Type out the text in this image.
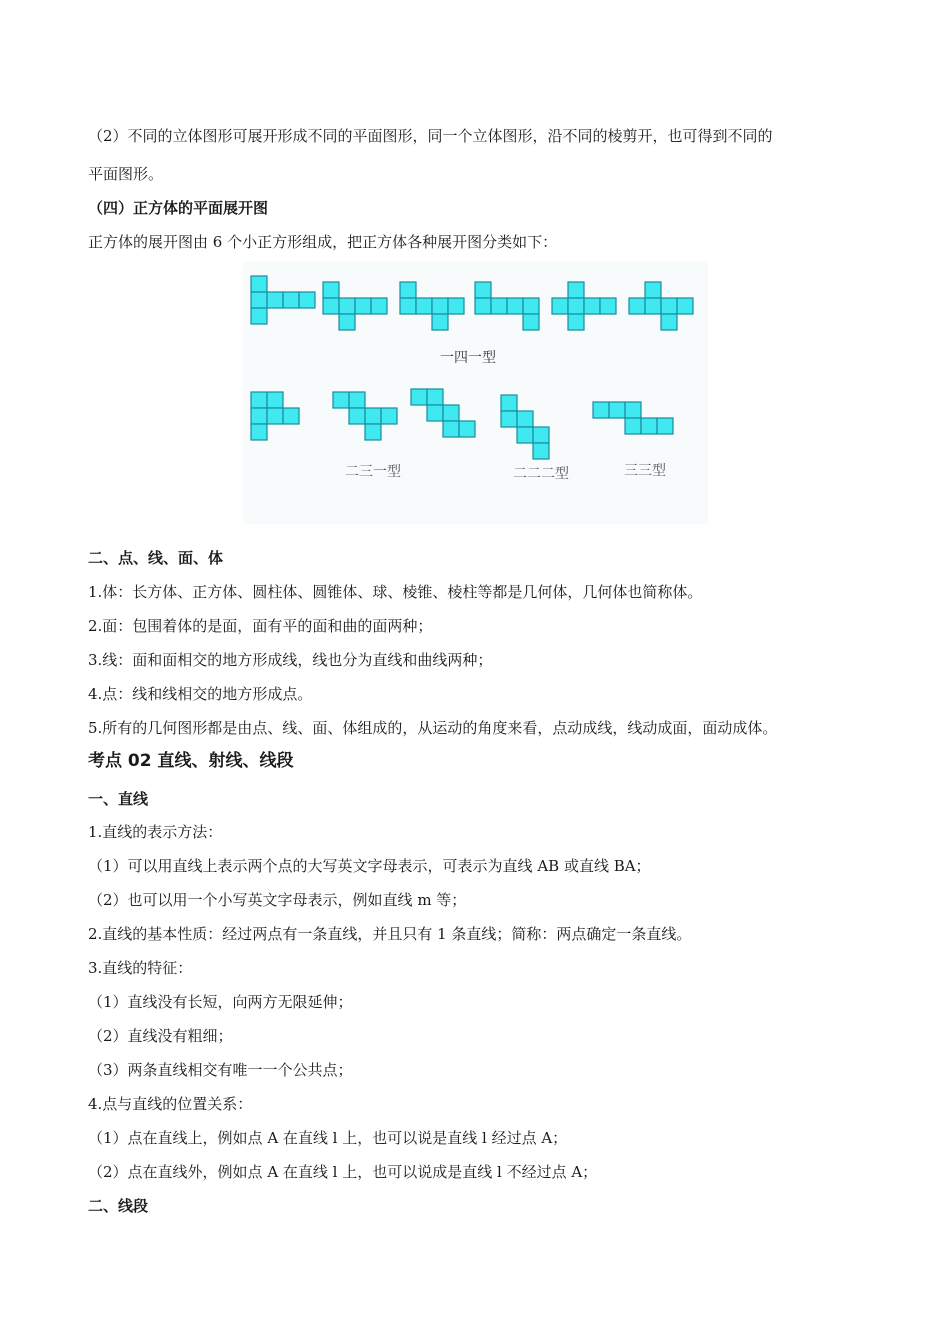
（2）不同的立体图形可展开形成不同的平面图形，同一个立体图形，沿不同的棱剪开，也可得到不同的
平面图形。
（四）正方体的平面展开图
正方体的展开图由 6 个小正方形组成，把正方体各种展开图分类如下：
一四一型
二三一型	二二二型	三三型
二、点、线、面、体
1.体：长方体、正方体、圆柱体、圆锥体、球、棱锥、棱柱等都是几何体，几何体也简称体。
2.面：包围着体的是面，面有平的面和曲的面两种；
3.线：面和面相交的地方形成线，线也分为直线和曲线两种；
4.点：线和线相交的地方形成点。
5.所有的几何图形都是由点、线、面、体组成的，从运动的角度来看，点动成线，线动成面，面动成体。
考点 02 直线、射线、线段
一、直线
1.直线的表示方法：
（1）可以用直线上表示两个点的大写英文字母表示，可表示为直线 AB 或直线 BA；
（2）也可以用一个小写英文字母表示，例如直线 m 等；
2.直线的基本性质：经过两点有一条直线，并且只有 1 条直线；简称：两点确定一条直线。
3.直线的特征：
（1）直线没有长短，向两方无限延伸；
（2）直线没有粗细；
（3）两条直线相交有唯一一个公共点；
4.点与直线的位置关系：
（1）点在直线上，例如点 A 在直线 l 上，也可以说是直线 l 经过点 A；
（2）点在直线外，例如点 A 在直线 l 上，也可以说成是直线 l 不经过点 A；
二、线段
